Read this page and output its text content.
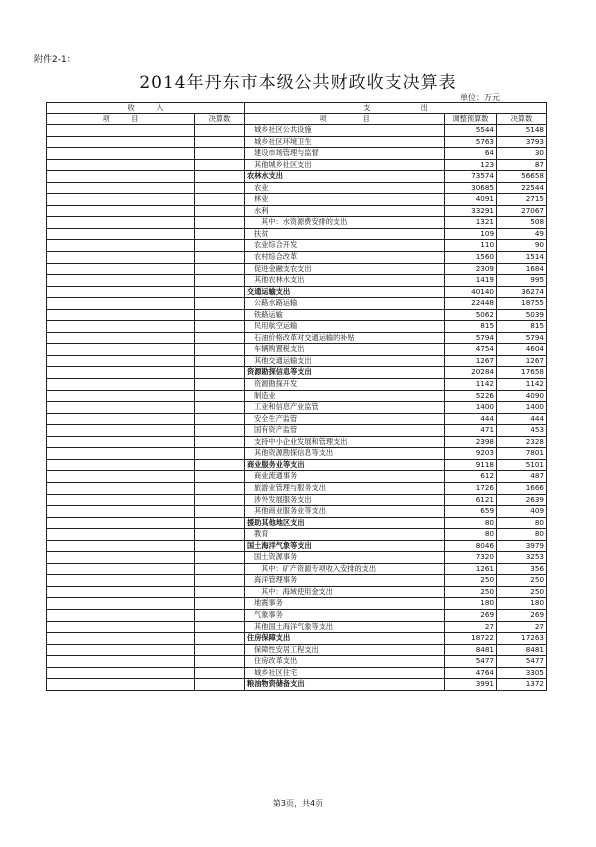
附件2-1：
2014年丹东市本级公共财政收支决算表
单位：万元
收　　　入		支　　　　　　　出		
项　　　目	决算数	项　　　　　目	调整预算数	决算数
		城乡社区公共设施	5544	5148
		城乡社区环境卫生	5763	3793
		建设市场管理与监督	64	30
		其他城乡社区支出	123	87
		农林水支出	73574	56658
		农业	30685	22544
		林业	4091	2715
		水利	33291	27067
		其中：水资源费安排的支出	1321	508
		扶贫	109	49
		农业综合开发	110	90
		农村综合改革	1560	1514
		促进金融支农支出	2309	1684
		其他农林水支出	1419	995
		交通运输支出	40140	36274
		公路水路运输	22448	18755
		铁路运输	5062	5039
		民用航空运输	815	815
		石油价格改革对交通运输的补贴	5794	5794
		车辆购置税支出	4754	4604
		其他交通运输支出	1267	1267
		资源勘探信息等支出	20284	17658
		资源勘探开发	1142	1142
		制造业	5226	4090
		工业和信息产业监管	1400	1400
		安全生产监管	444	444
		国有资产监管	471	453
		支持中小企业发展和管理支出	2398	2328
		其他资源勘探信息等支出	9203	7801
		商业服务业等支出	9118	5101
		商业流通事务	612	487
		旅游业管理与服务支出	1726	1666
		涉外发展服务支出	6121	2639
		其他商业服务业等支出	659	409
		援助其他地区支出	80	80
		教育	80	80
		国土海洋气象等支出	8046	3979
		国土资源事务	7320	3253
		其中：矿产资源专项收入安排的支出	1261	356
		海洋管理事务	250	250
		其中：海域使用金支出	250	250
		地震事务	180	180
		气象事务	269	269
		其他国土海洋气象等支出	27	27
		住房保障支出	18722	17263
		保障性安居工程支出	8481	8481
		住房改革支出	5477	5477
		城乡社区住宅	4764	3305
		粮油物资储备支出	3991	1372
第3页，共4页
